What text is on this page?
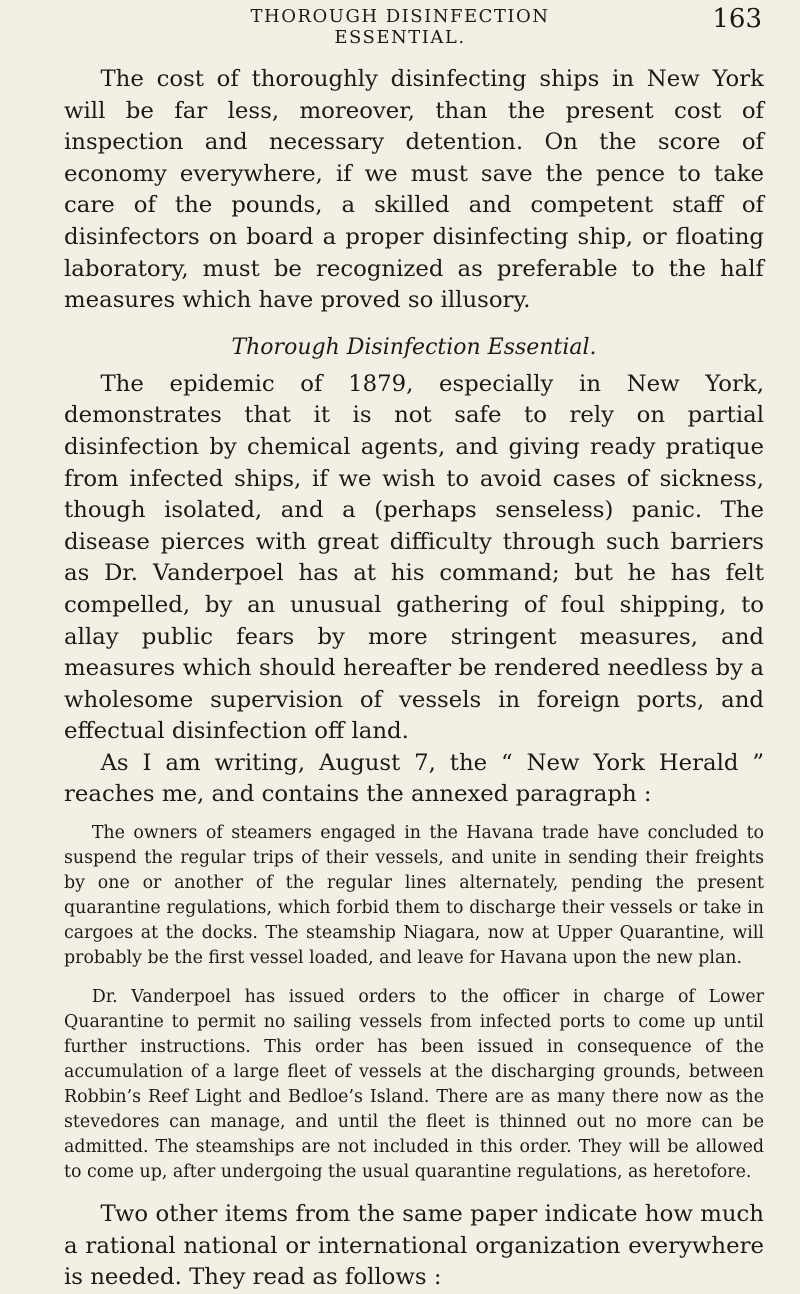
THOROUGH DISINFECTION ESSENTIAL.
163

The cost of thoroughly disinfecting ships in New York will be far less, moreover, than the present cost of inspection and necessary detention. On the score of economy everywhere, if we must save the pence to take care of the pounds, a skilled and competent staff of disinfectors on board a proper disinfecting ship, or floating laboratory, must be recognized as preferable to the half measures which have proved so illusory.

Thorough Disinfection Essential.

The epidemic of 1879, especially in New York, demonstrates that it is not safe to rely on partial disinfection by chemical agents, and giving ready pratique from infected ships, if we wish to avoid cases of sickness, though isolated, and a (perhaps senseless) panic. The disease pierces with great difficulty through such barriers as Dr. Vanderpoel has at his command; but he has felt compelled, by an unusual gathering of foul shipping, to allay public fears by more stringent measures, and measures which should hereafter be rendered needless by a wholesome supervision of vessels in foreign ports, and effectual disinfection off land.

As I am writing, August 7, the “ New York Herald ” reaches me, and contains the annexed paragraph :

The owners of steamers engaged in the Havana trade have concluded to suspend the regular trips of their vessels, and unite in sending their freights by one or another of the regular lines alternately, pending the present quarantine regulations, which forbid them to discharge their vessels or take in cargoes at the docks. The steamship Niagara, now at Upper Quarantine, will probably be the first vessel loaded, and leave for Havana upon the new plan.

Dr. Vanderpoel has issued orders to the officer in charge of Lower Quarantine to permit no sailing vessels from infected ports to come up until further instructions. This order has been issued in consequence of the accumulation of a large fleet of vessels at the discharging grounds, between Robbin’s Reef Light and Bedloe’s Island. There are as many there now as the stevedores can manage, and until the fleet is thinned out no more can be admitted. The steamships are not included in this order. They will be allowed to come up, after undergoing the usual quarantine regulations, as heretofore.

Two other items from the same paper indicate how much a rational national or international organization everywhere is needed. They read as follows :
